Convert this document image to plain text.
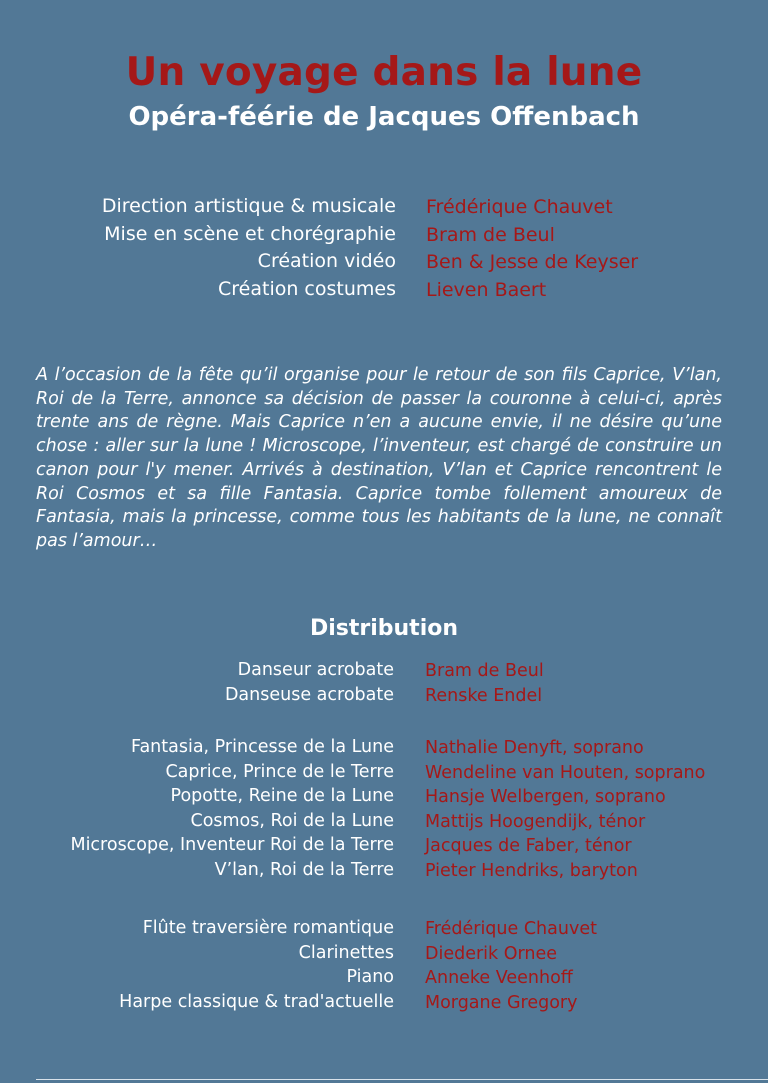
Un voyage dans la lune
Opéra-féérie de Jacques Offenbach
Direction artistique & musicale Frédérique Chauvet
Mise en scène et chorégraphie Bram de Beul
Création vidéo Ben & Jesse de Keyser
Création costumes Lieven Baert

A l’occasion de la fête qu’il organise pour le retour de son fils Caprice, V’lan, Roi de la Terre, annonce sa décision de passer la couronne à celui-ci, après trente ans de règne. Mais Caprice n’en a aucune envie, il ne désire qu’une chose : aller sur la lune ! Microscope, l’inventeur, est chargé de construire un canon pour l'y mener. Arrivés à destination, V’lan et Caprice rencontrent le Roi Cosmos et sa fille Fantasia. Caprice tombe follement amoureux de Fantasia, mais la princesse, comme tous les habitants de la lune, ne connaît pas l’amour…

Distribution
Danseur acrobate Bram de Beul
Danseuse acrobate Renske Endel
Fantasia, Princesse de la Lune Nathalie Denyft, soprano
Caprice, Prince de le Terre Wendeline van Houten, soprano
Popotte, Reine de la Lune Hansje Welbergen, soprano
Cosmos, Roi de la Lune Mattijs Hoogendijk, ténor
Microscope, Inventeur Roi de la Terre Jacques de Faber, ténor
V’lan, Roi de la Terre Pieter Hendriks, baryton
Flûte traversière romantique Frédérique Chauvet
Clarinettes Diederik Ornee
Piano Anneke Veenhoff
Harpe classique & trad'actuelle Morgane Gregory
